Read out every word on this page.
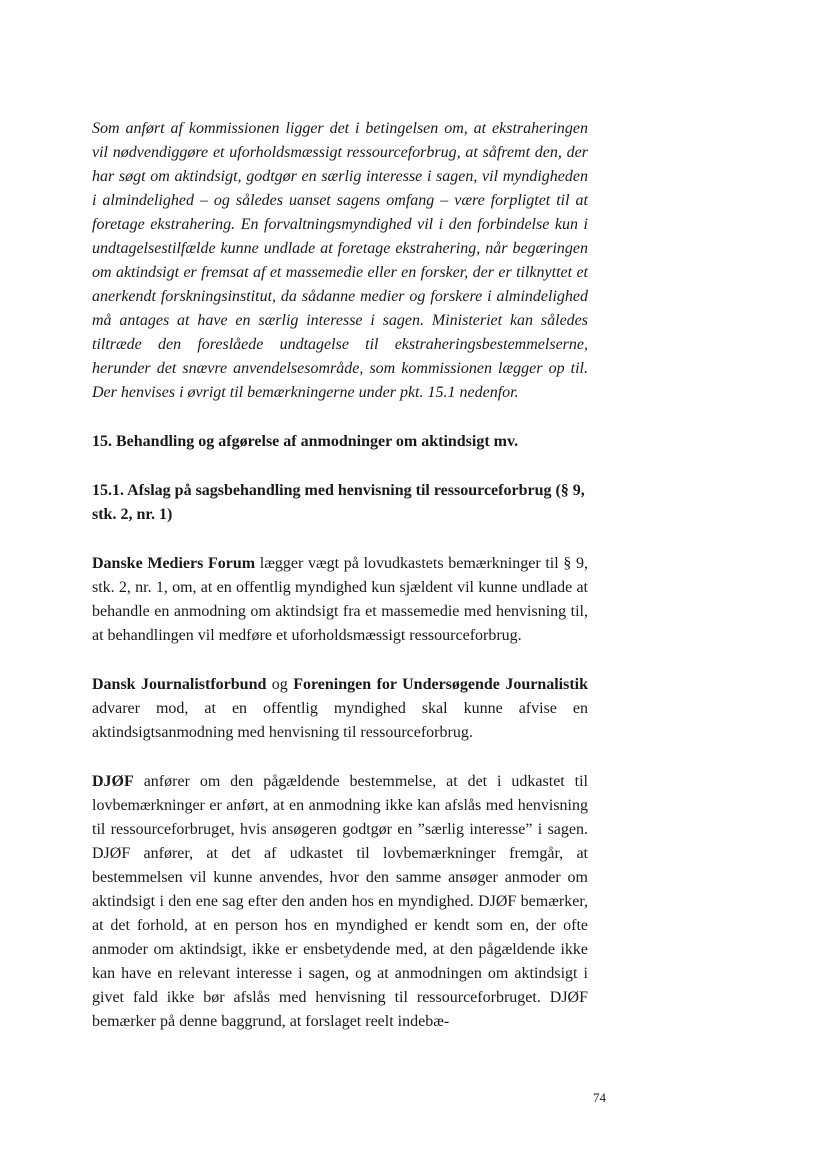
Som anført af kommissionen ligger det i betingelsen om, at ekstraheringen vil nødvendiggøre et uforholdsmæssigt ressourceforbrug, at såfremt den, der har søgt om aktindsigt, godtgør en særlig interesse i sagen, vil myndigheden i almindelighed – og således uanset sagens omfang – være forpligtet til at foretage ekstrahering. En forvaltningsmyndighed vil i den forbindelse kun i undtagelsestilfælde kunne undlade at foretage ekstrahering, når begæringen om aktindsigt er fremsat af et massemedie eller en forsker, der er tilknyttet et anerkendt forskningsinstitut, da sådanne medier og forskere i almindelighed må antages at have en særlig interesse i sagen. Ministeriet kan således tiltræde den foreslåede undtagelse til ekstraheringsbestemmelserne, herunder det snævre anvendelsesområde, som kommissionen lægger op til. Der henvises i øvrigt til bemærkningerne under pkt. 15.1 nedenfor.

15. Behandling og afgørelse af anmodninger om aktindsigt mv.

15.1. Afslag på sagsbehandling med henvisning til ressourceforbrug (§ 9, stk. 2, nr. 1)

Danske Mediers Forum lægger vægt på lovudkastets bemærkninger til § 9, stk. 2, nr. 1, om, at en offentlig myndighed kun sjældent vil kunne undlade at behandle en anmodning om aktindsigt fra et massemedie med henvisning til, at behandlingen vil medføre et uforholdsmæssigt ressourceforbrug.

Dansk Journalistforbund og Foreningen for Undersøgende Journalistik advarer mod, at en offentlig myndighed skal kunne afvise en aktindsigtsanmodning med henvisning til ressourceforbrug.

DJØF anfører om den pågældende bestemmelse, at det i udkastet til lovbemærkninger er anført, at en anmodning ikke kan afslås med henvisning til ressourceforbruget, hvis ansøgeren godtgør en ”særlig interesse” i sagen. DJØF anfører, at det af udkastet til lovbemærkninger fremgår, at bestemmelsen vil kunne anvendes, hvor den samme ansøger anmoder om aktindsigt i den ene sag efter den anden hos en myndighed. DJØF bemærker, at det forhold, at en person hos en myndighed er kendt som en, der ofte anmoder om aktindsigt, ikke er ensbetydende med, at den pågældende ikke kan have en relevant interesse i sagen, og at anmodningen om aktindsigt i givet fald ikke bør afslås med henvisning til ressourceforbruget. DJØF bemærker på denne baggrund, at forslaget reelt indebæ-

74
